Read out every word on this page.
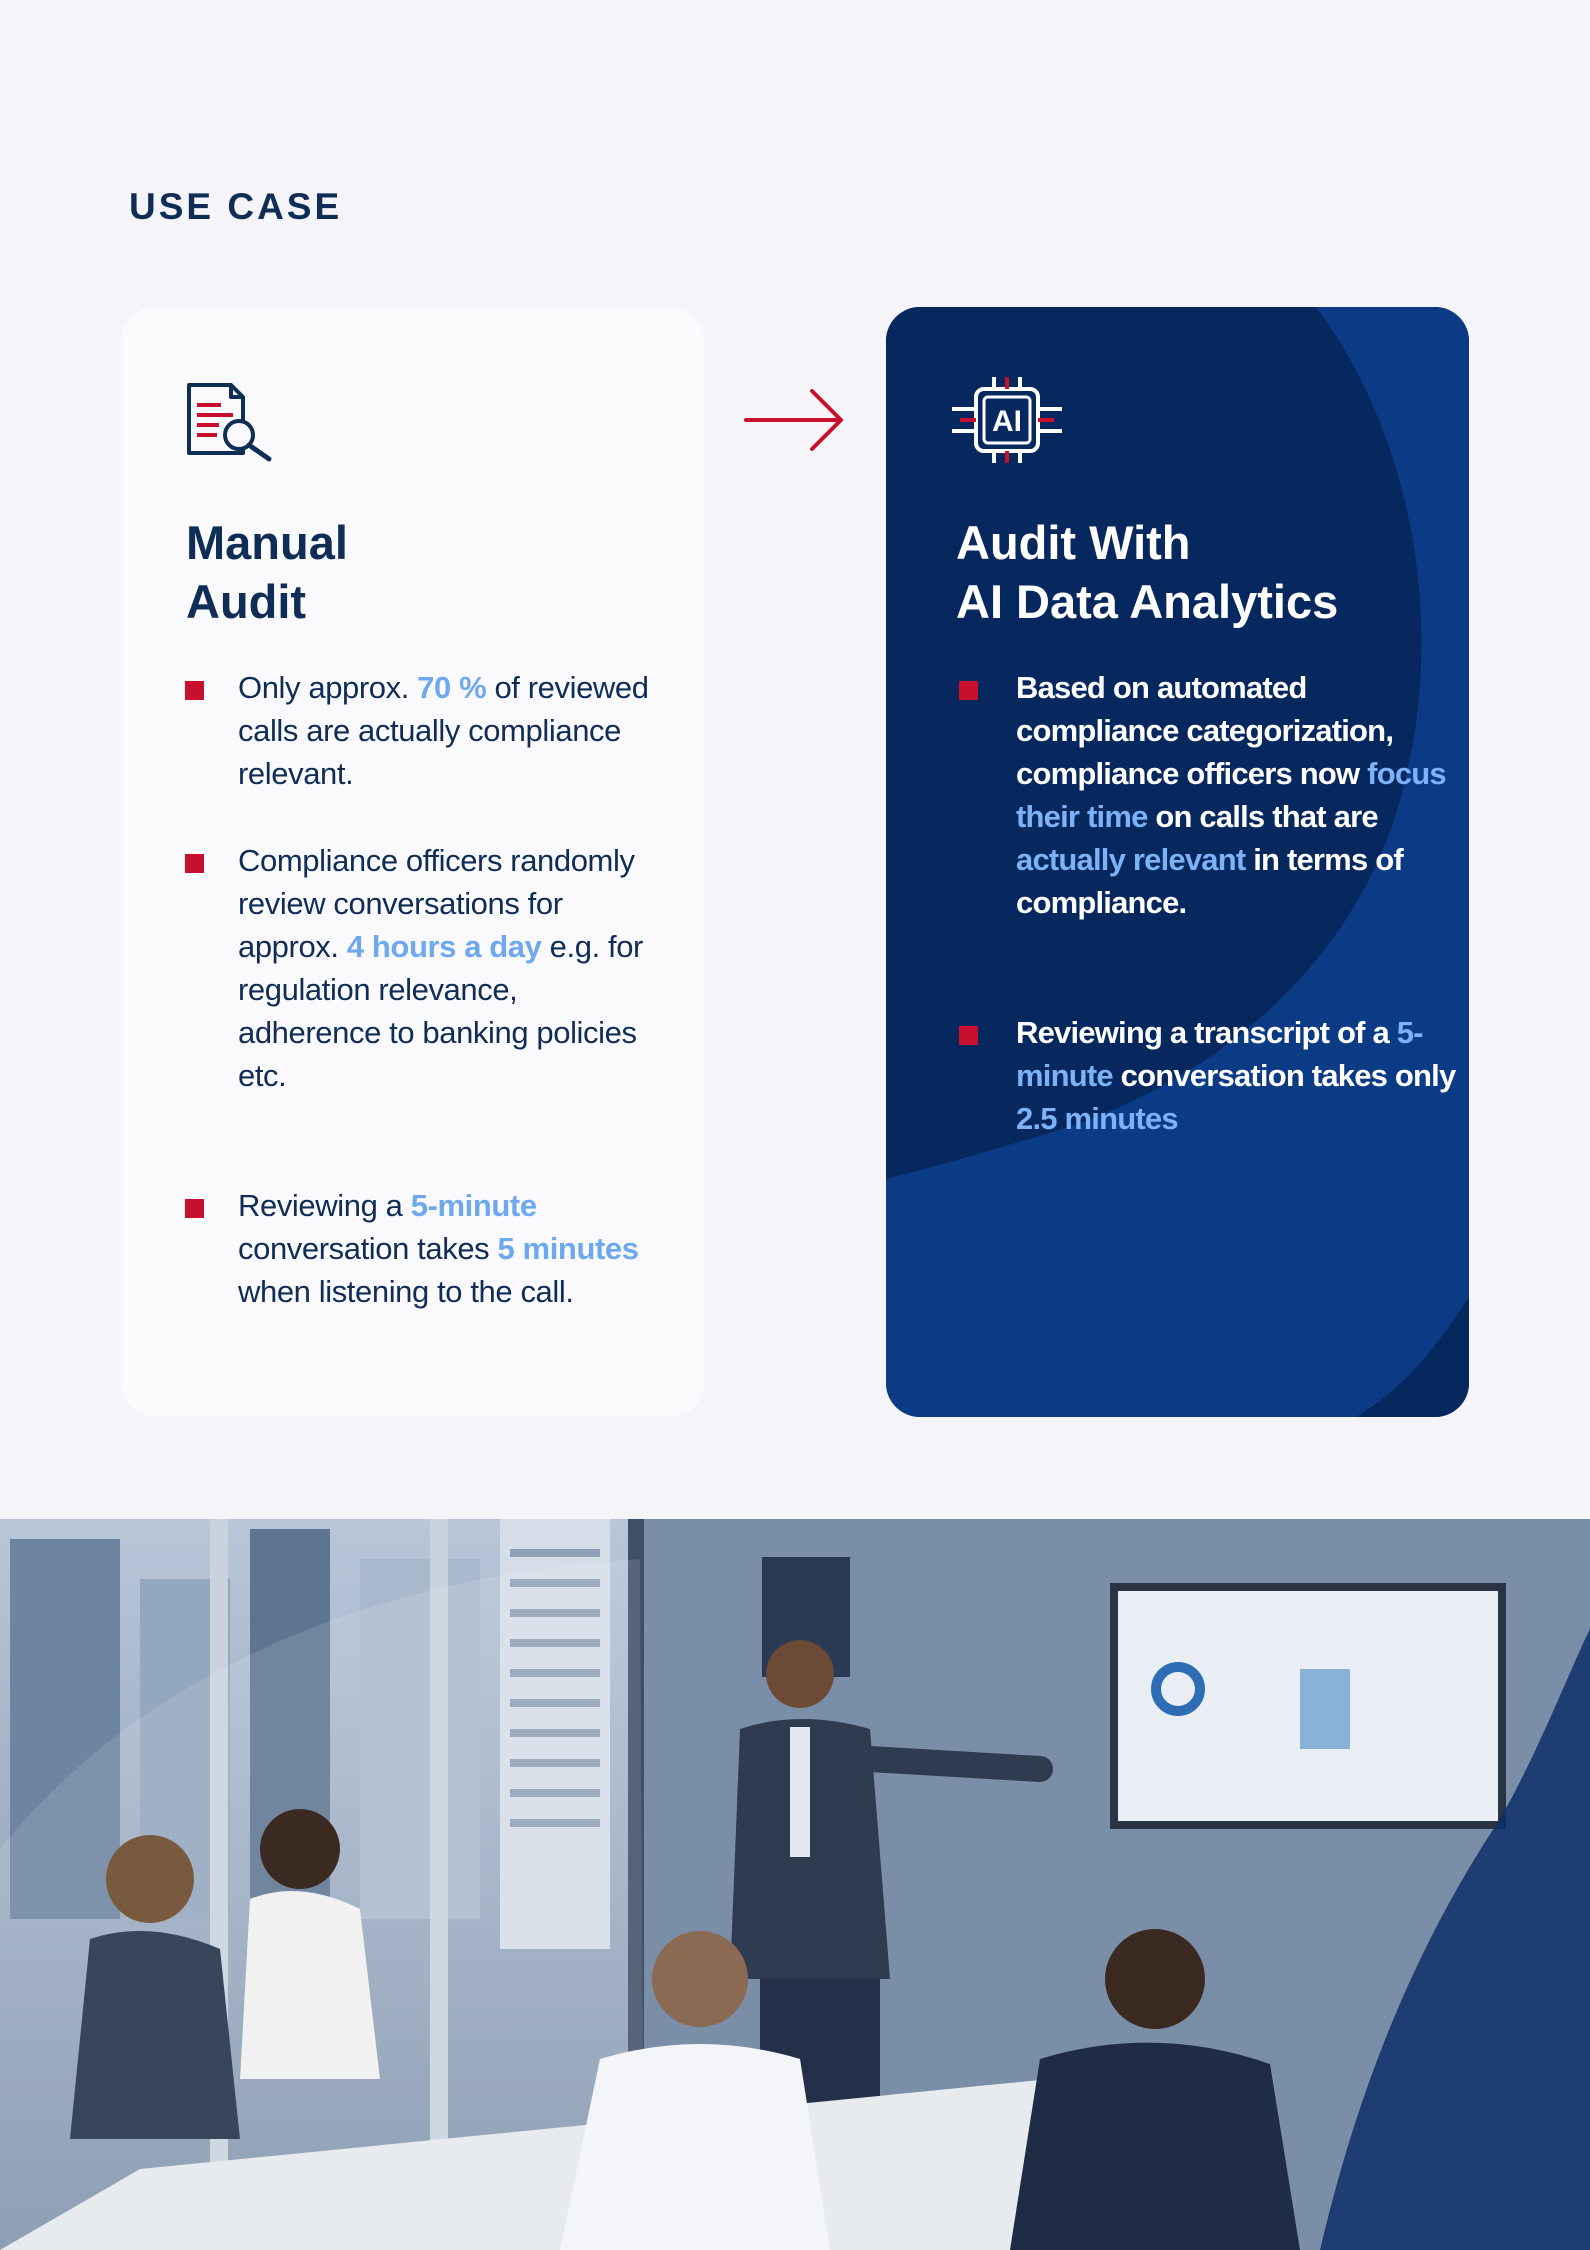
USE CASE
Manual
Audit
Only approx. 70 % of reviewed calls are actually compliance relevant.
Compliance officers randomly review conversations for approx. 4 hours a day e.g. for regulation relevance, adherence to banking policies etc.
Reviewing a 5-minute conversation takes 5 minutes when listening to the call.
AI
Audit With
AI Data Analytics
Based on automated compliance categorization, compliance officers now focus their time on calls that are actually relevant in terms of compliance.
Reviewing a transcript of a 5-minute conversation takes only 2.5 minutes
